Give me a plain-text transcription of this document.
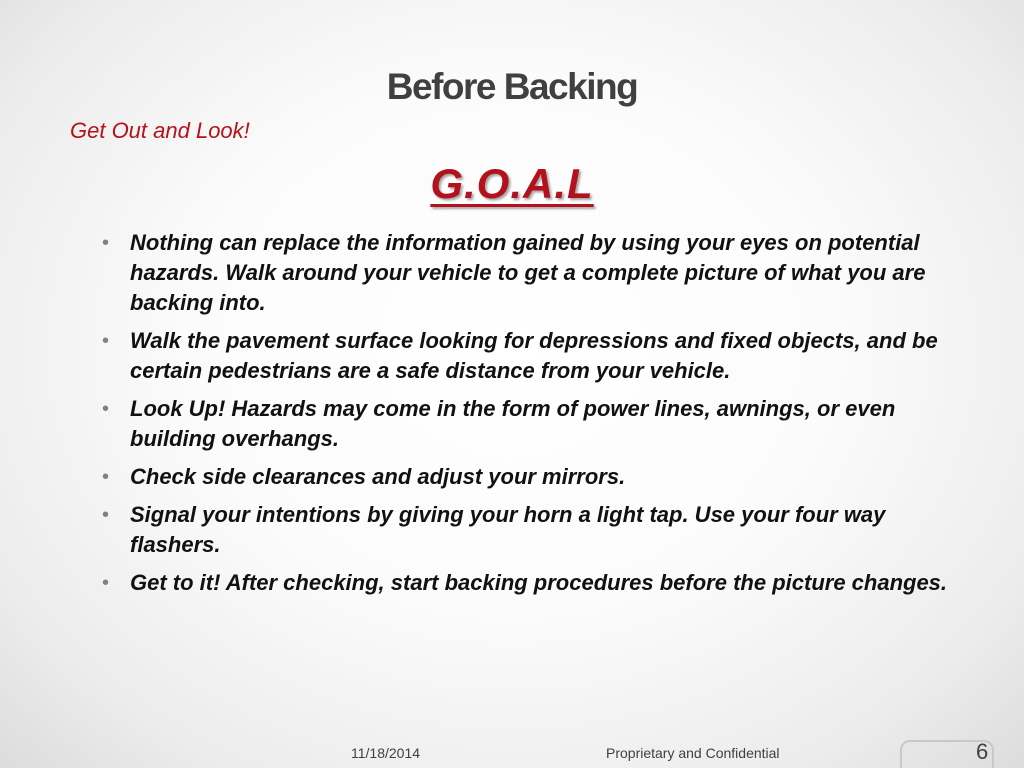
Before Backing

Get Out and Look!

G.O.A.L

• Nothing can replace the information gained by using your eyes on potential hazards. Walk around your vehicle to get a complete picture of what you are backing into.
• Walk the pavement surface looking for depressions and fixed objects, and be certain pedestrians are a safe distance from your vehicle.
• Look Up! Hazards may come in the form of power lines, awnings, or even building overhangs.
• Check side clearances and adjust your mirrors.
• Signal your intentions by giving your horn a light tap. Use your four way flashers.
• Get to it! After checking, start backing procedures before the picture changes.
11/18/2014	Proprietary and Confidential	6
